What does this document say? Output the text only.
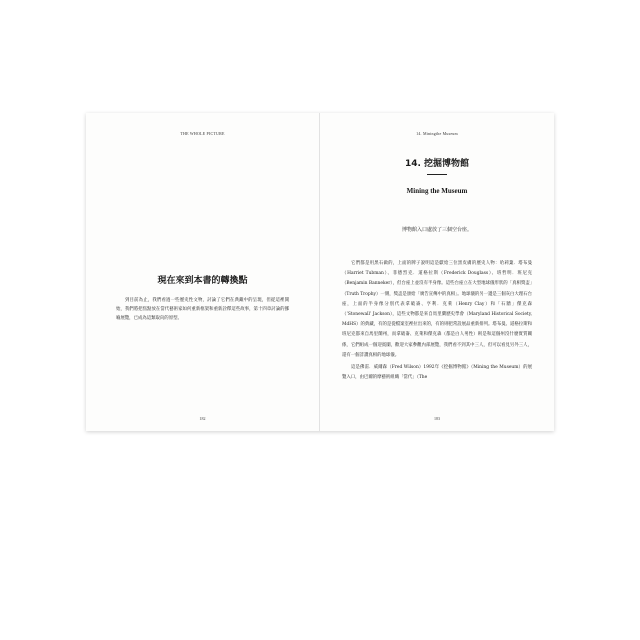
THE WHOLE PICTURE
現在來到本書的轉換點
到目前為止，我們看過一些歷史性文物，討論了它們在典藏中的呈現，但從這裡開始，我們將把焦點放在當代藝術家如何重新框架和重新詮釋這些故事，第十四章討論的挪喻展覽，已成為這類取向的原型。
182
14. Miningthe Museum
14. 挖掘博物館
Mining the Museum
博物館入口處放了三個空台座。

它們都是用黑石做的，上面的牌子說明這是獻給三位黑皮膚的歷史人物：哈莉葉．塔布曼（Harriet Tubman）、菲德烈克．道格拉斯（Frederick Douglass）、班哲明．班尼克（Benjamin Banneker），但台座上並沒有半身像。這些台座立在大型地球儀形狀的「真相獎盃」（Truth Trophy）一側，獎盃是頒給「廣告宣傳中的真相」。地球儀的另一邊是三個灰白大理石台座，上面的半身像分別代表拿破崙、亨利．克萊（Henry Clay）和「石牆」傑克森（‘Stonewall’ Jackson），這些文物都是來自馬里蘭歷史學會（Maryland Historical Society, MdHS）的典藏，有的是從檔案室裡拉出來的，有的則把常設展品重新排列。塔布曼、道格拉斯和班尼克都來自馬里蘭州，而拿破崙、克萊和傑克森（都是白人男性）則是和這個州沒什麼實質關係，它們組成一個迎賓團，歡迎大家參觀內部展覽，我們看不到其中三人，但可以看見另外三人，還有一個詐讚真相的地球儀。

這是佛雷．威爾森（Fred Wilson）1992年《挖掘博物館》（Mining the Museum）的展覽入口，由巴爾的摩藝術組織「當代」（The

183
